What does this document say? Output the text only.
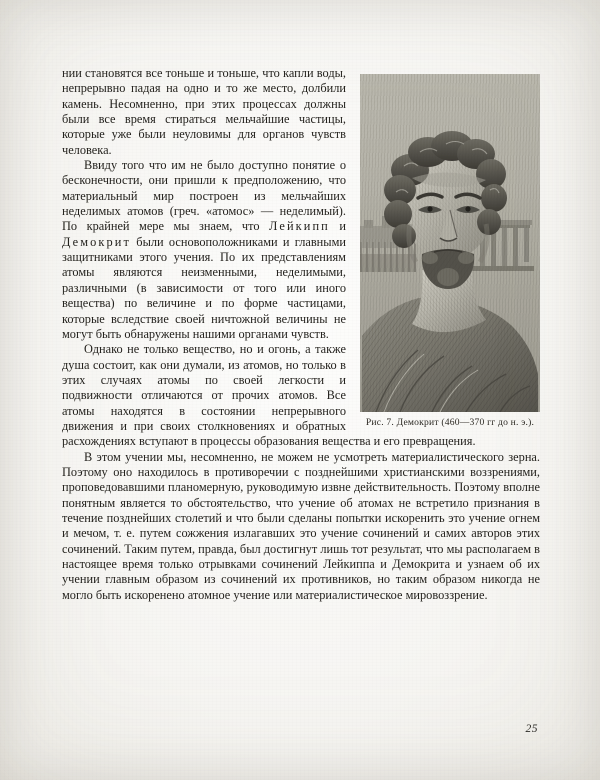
Рис. 7. Демокрит (460—370 гг до н. э.).

нии становятся все тоньше и тоньше, что капли воды, непрерывно падая на одно и то же место, долбили камень. Несомненно, при этих процессах должны были все время стираться мельчайшие частицы, которые уже были неуловимы для органов чувств человека.

Ввиду того что им не было доступно понятие о бесконечности, они пришли к предположению, что материальный мир построен из мельчайших неделимых атомов (греч. «атомос» — неделимый). По крайней мере мы знаем, что Лейкипп и Демокрит были основоположниками и главными защитниками этого учения. По их представлениям атомы являются неизменными, неделимыми, различными (в зависимости от того или иного вещества) по величине и по форме частицами, которые вследствие своей ничтожной величины не могут быть обнаружены нашими органами чувств.

Однако не только вещество, но и огонь, а также душа состоит, как они думали, из атомов, но только в этих случаях атомы по своей легкости и подвижности отличаются от прочих атомов. Все атомы находятся в состоянии непрерывного движения и при своих столкновениях и обратных расхождениях вступают в процессы образования вещества и его превращения.

В этом учении мы, несомненно, не можем не усмотреть материалистического зерна. Поэтому оно находилось в противоречии с позднейшими христианскими воззрениями, проповедовавшими планомерную, руководимую извне действительность. Поэтому вполне понятным является то обстоятельство, что учение об атомах не встретило признания в течение позднейших столетий и что были сделаны попытки искоренить это учение огнем и мечом, т. е. путем сожжения излагавших это учение сочинений и самих авторов этих сочинений. Таким путем, правда, был достигнут лишь тот результат, что мы располагаем в настоящее время только отрывками сочинений Лейкиппа и Демокрита и узнаем об их учении главным образом из сочинений их противников, но таким образом никогда не могло быть искоренено атомное учение или материалистическое мировоззрение.

25
